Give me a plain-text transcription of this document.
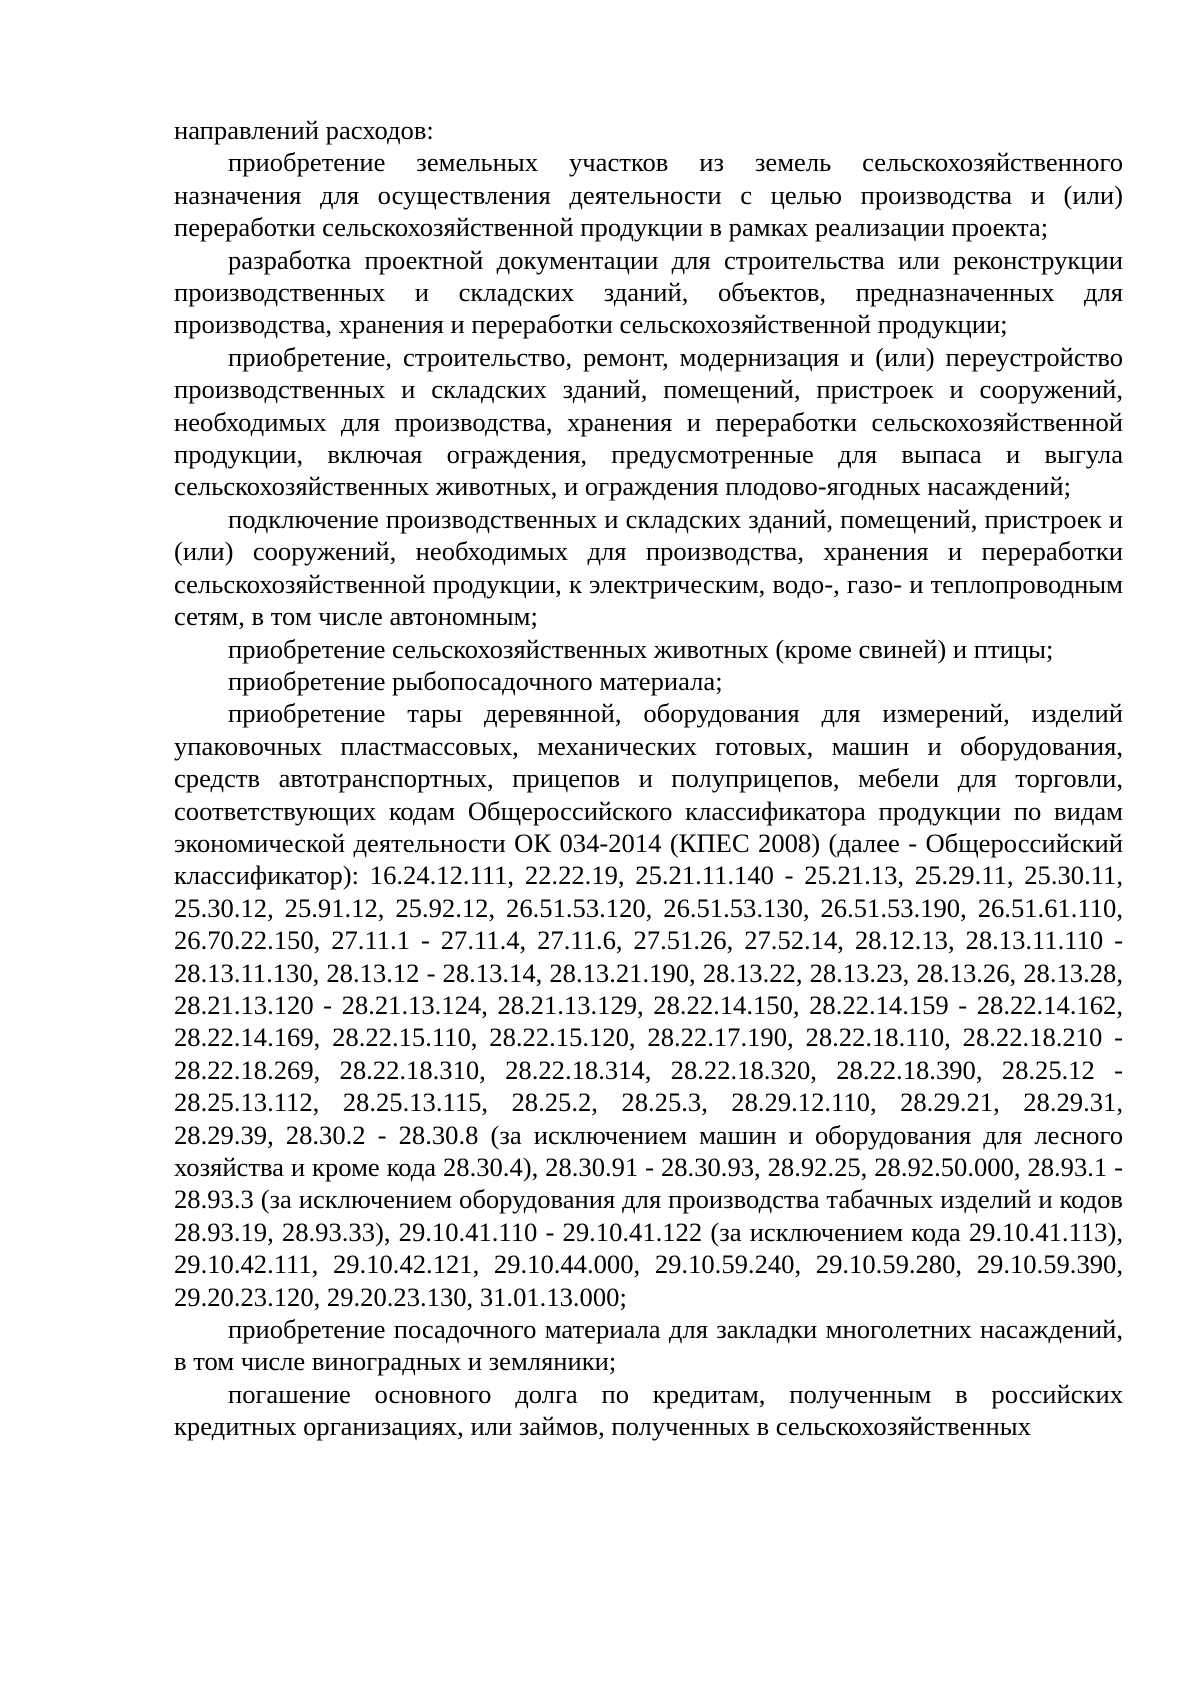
направлений расходов:

приобретение земельных участков из земель сельскохозяйственного назначения для осуществления деятельности с целью производства и (или) переработки сельскохозяйственной продукции в рамках реализации проекта;

разработка проектной документации для строительства или реконструкции производственных и складских зданий, объектов, предназначенных для производства, хранения и переработки сельскохозяйственной продукции;

приобретение, строительство, ремонт, модернизация и (или) переустройство производственных и складских зданий, помещений, пристроек и сооружений, необходимых для производства, хранения и переработки сельскохозяйственной продукции, включая ограждения, предусмотренные для выпаса и выгула сельскохозяйственных животных, и ограждения плодово-ягодных насаждений;

подключение производственных и складских зданий, помещений, пристроек и (или) сооружений, необходимых для производства, хранения и переработки сельскохозяйственной продукции, к электрическим, водо-, газо- и теплопроводным сетям, в том числе автономным;

приобретение сельскохозяйственных животных (кроме свиней) и птицы;

приобретение рыбопосадочного материала;

приобретение тары деревянной, оборудования для измерений, изделий упаковочных пластмассовых, механических готовых, машин и оборудования, средств автотранспортных, прицепов и полуприцепов, мебели для торговли, соответствующих кодам Общероссийского классификатора продукции по видам экономической деятельности ОК 034-2014 (КПЕС 2008) (далее - Общероссийский классификатор): 16.24.12.111, 22.22.19, 25.21.11.140 - 25.21.13, 25.29.11, 25.30.11, 25.30.12, 25.91.12, 25.92.12, 26.51.53.120, 26.51.53.130, 26.51.53.190, 26.51.61.110, 26.70.22.150, 27.11.1 - 27.11.4, 27.11.6, 27.51.26, 27.52.14, 28.12.13, 28.13.11.110 - 28.13.11.130, 28.13.12 - 28.13.14, 28.13.21.190, 28.13.22, 28.13.23, 28.13.26, 28.13.28, 28.21.13.120 - 28.21.13.124, 28.21.13.129, 28.22.14.150, 28.22.14.159 - 28.22.14.162, 28.22.14.169, 28.22.15.110, 28.22.15.120, 28.22.17.190, 28.22.18.110, 28.22.18.210 - 28.22.18.269, 28.22.18.310, 28.22.18.314, 28.22.18.320, 28.22.18.390, 28.25.12 - 28.25.13.112, 28.25.13.115, 28.25.2, 28.25.3, 28.29.12.110, 28.29.21, 28.29.31, 28.29.39, 28.30.2 - 28.30.8 (за исключением машин и оборудования для лесного хозяйства и кроме кода 28.30.4), 28.30.91 - 28.30.93, 28.92.25, 28.92.50.000, 28.93.1 - 28.93.3 (за исключением оборудования для производства табачных изделий и кодов 28.93.19, 28.93.33), 29.10.41.110 - 29.10.41.122 (за исключением кода 29.10.41.113), 29.10.42.111, 29.10.42.121, 29.10.44.000, 29.10.59.240, 29.10.59.280, 29.10.59.390, 29.20.23.120, 29.20.23.130, 31.01.13.000;

приобретение посадочного материала для закладки многолетних насаждений, в том числе виноградных и земляники;

погашение основного долга по кредитам, полученным в российских кредитных организациях, или займов, полученных в сельскохозяйственных
